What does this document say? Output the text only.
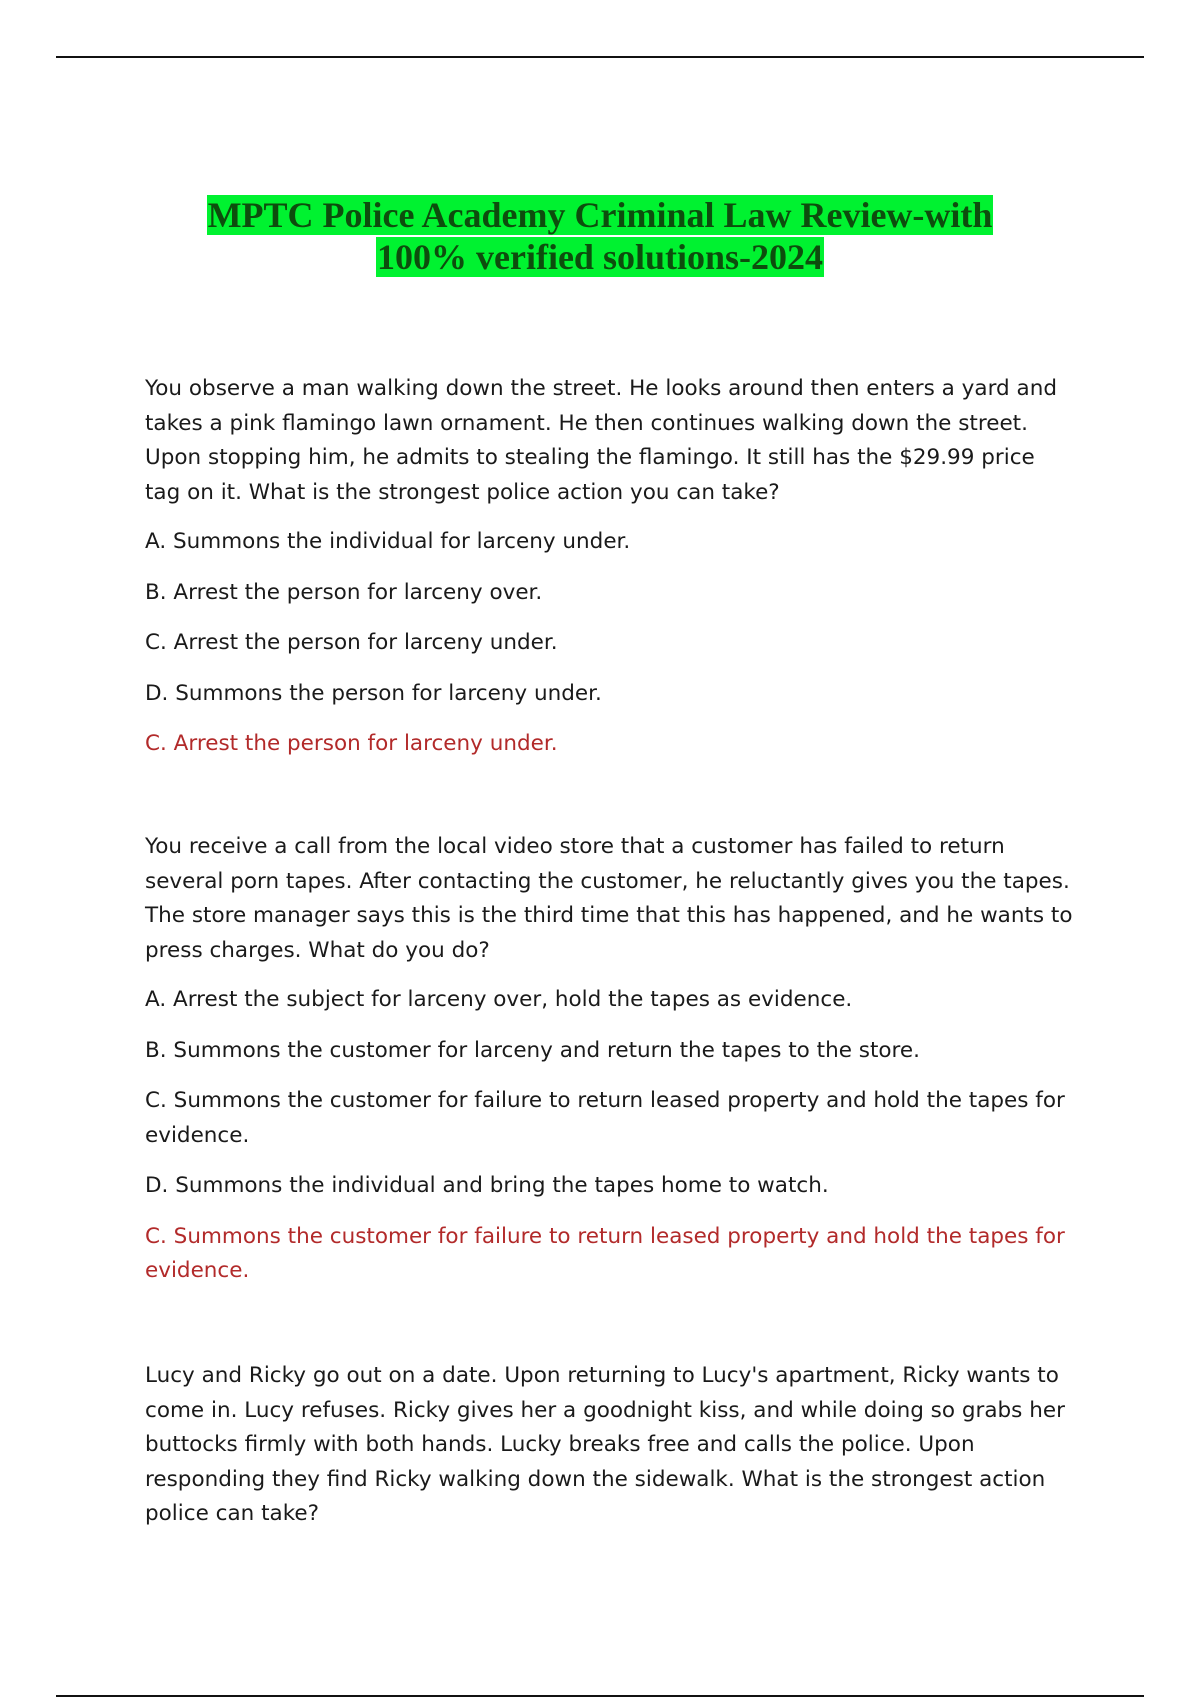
MPTC Police Academy Criminal Law Review-with
100% verified solutions-2024

You observe a man walking down the street. He looks around then enters a yard and takes a pink flamingo lawn ornament. He then continues walking down the street. Upon stopping him, he admits to stealing the flamingo. It still has the $29.99 price tag on it. What is the strongest police action you can take?

A. Summons the individual for larceny under.

B. Arrest the person for larceny over.

C. Arrest the person for larceny under.

D. Summons the person for larceny under.

C. Arrest the person for larceny under.

You receive a call from the local video store that a customer has failed to return several porn tapes. After contacting the customer, he reluctantly gives you the tapes. The store manager says this is the third time that this has happened, and he wants to press charges. What do you do?

A. Arrest the subject for larceny over, hold the tapes as evidence.

B. Summons the customer for larceny and return the tapes to the store.

C. Summons the customer for failure to return leased property and hold the tapes for evidence.

D. Summons the individual and bring the tapes home to watch.

C. Summons the customer for failure to return leased property and hold the tapes for evidence.

Lucy and Ricky go out on a date. Upon returning to Lucy's apartment, Ricky wants to come in. Lucy refuses. Ricky gives her a goodnight kiss, and while doing so grabs her buttocks firmly with both hands. Lucky breaks free and calls the police. Upon responding they find Ricky walking down the sidewalk. What is the strongest action police can take?
